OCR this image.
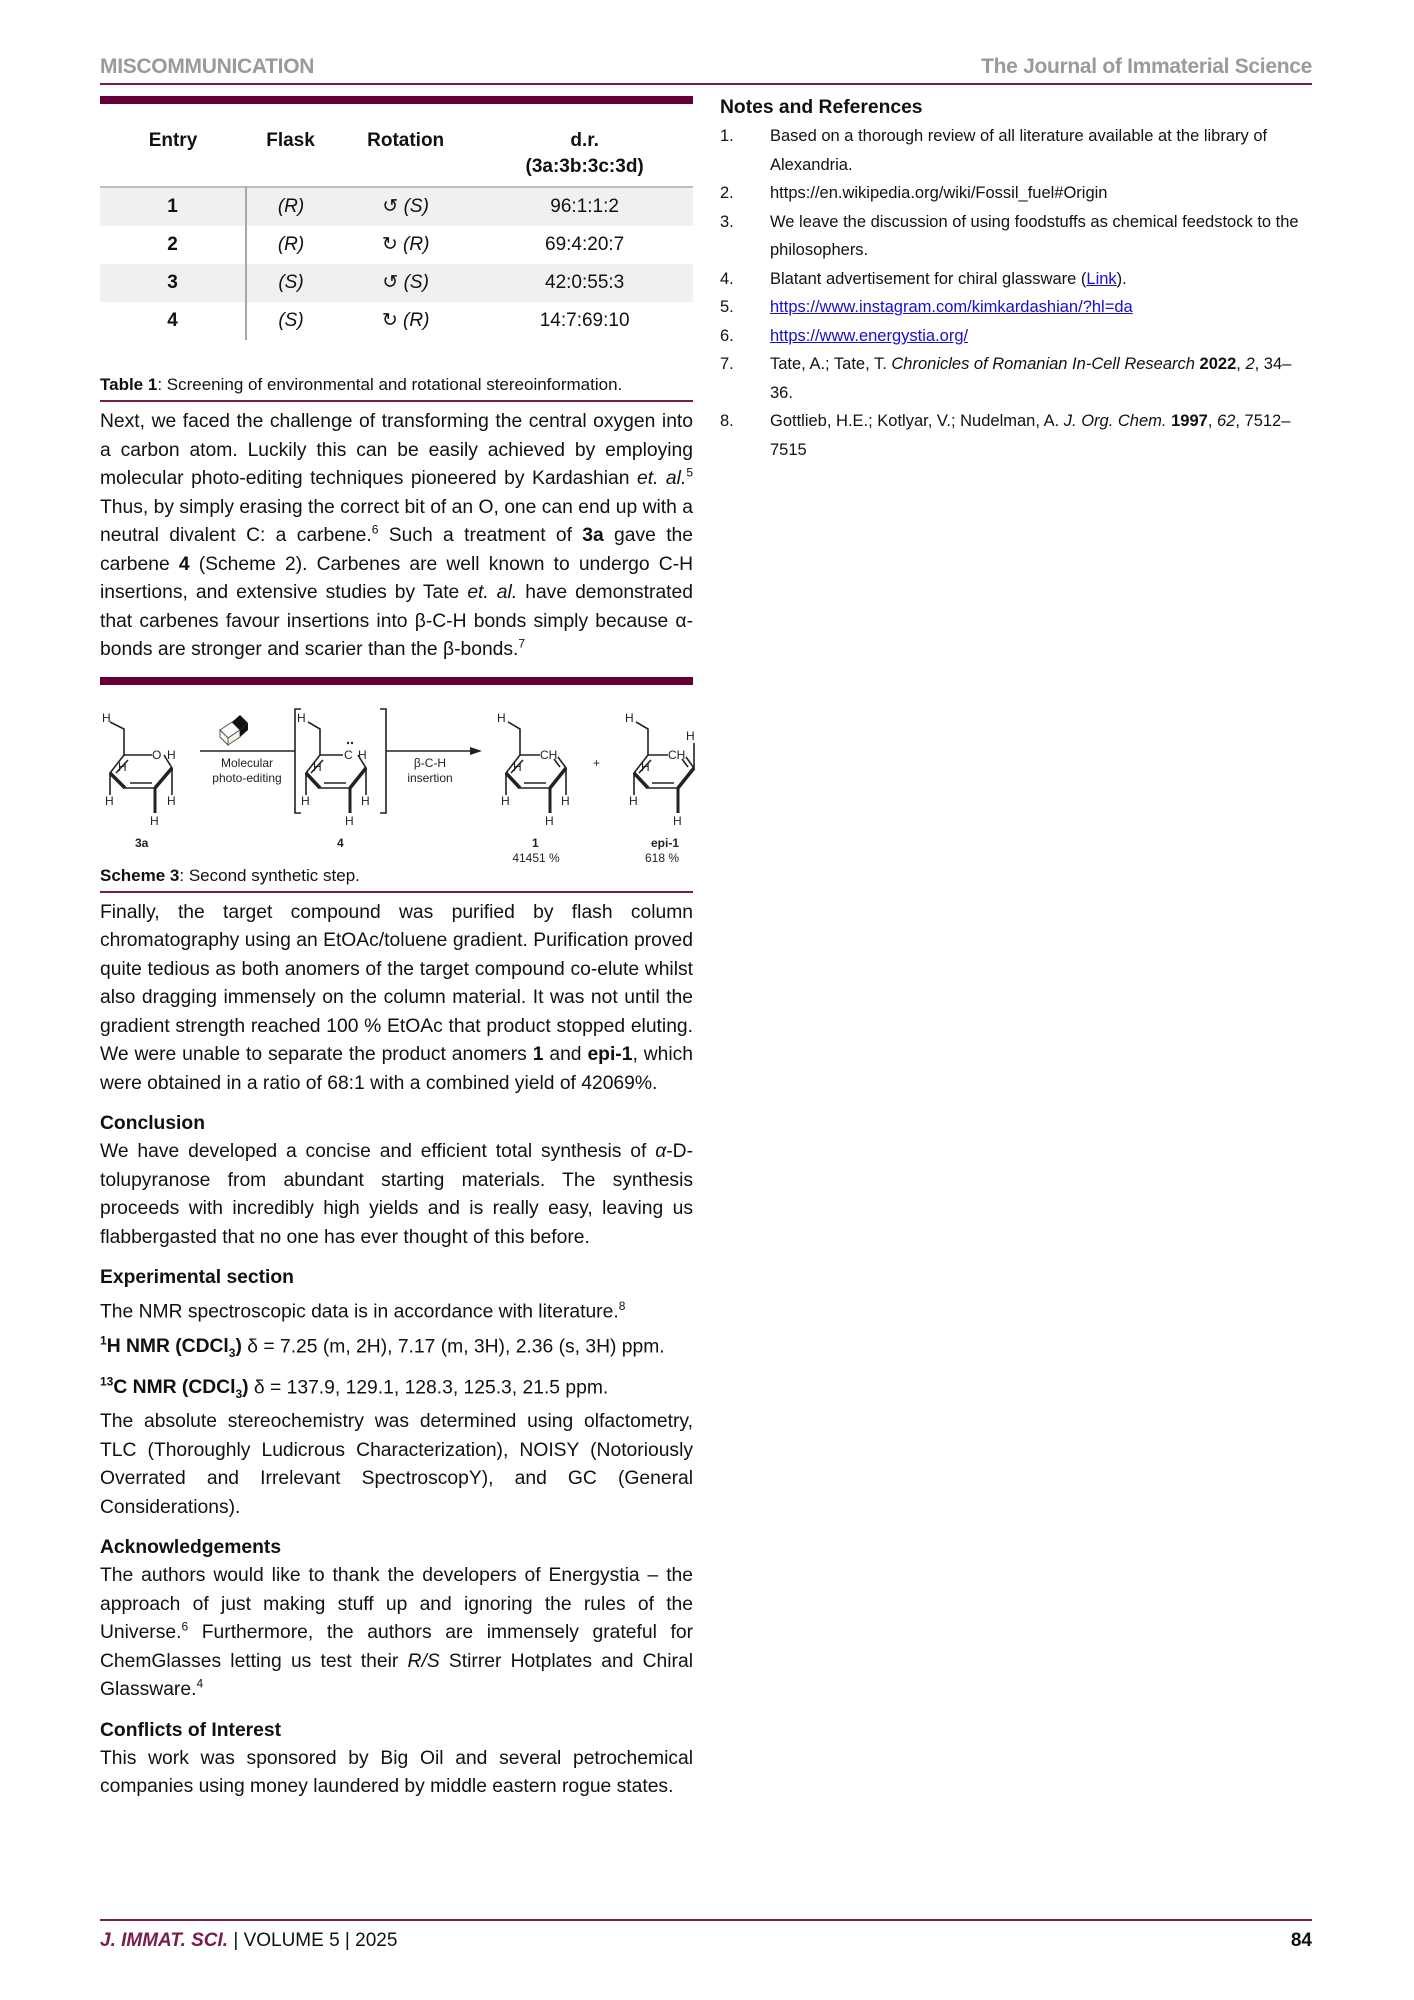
MISCOMMUNICATION	The Journal of Immaterial Science
Entry	Flask	Rotation	d.r.
(3a:3b:3c:3d)

1	(R)	↺ (S)	96:1:1:2
2	(R)	↻ (R)	69:4:20:7
3	(S)	↺ (S)	42:0:55:3
4	(S)	↻ (R)	14:7:69:10
Table 1: Screening of environmental and rotational stereoinformation.

Next, we faced the challenge of transforming the central oxygen into a carbon atom. Luckily this can be easily achieved by employing molecular photo-editing techniques pioneered by Kardashian et. al.$^5$ Thus, by simply erasing the correct bit of an O, one can end up with a neutral divalent C: a carbene.$^6$ Such a treatment of 3a gave the carbene 4 (Scheme 2). Carbenes are well known to undergo C-H insertions, and extensive studies by Tate et. al. have demonstrated that carbenes favour insertions into β-C-H bonds simply because α-bonds are stronger and scarier than the β-bonds.$^7$

H
O H
H
H	H
H
3a
Molecular
photo-editing
H
C H
H
H	H
H
4
β-C-H
insertion
H
CH
H
H	H
H
1
41451 %
+
H
CH
H
H
H
H
epi-1
618 %
Scheme 3: Second synthetic step.

Finally, the target compound was purified by flash column chromatography using an EtOAc/toluene gradient. Purification proved quite tedious as both anomers of the target compound co-elute whilst also dragging immensely on the column material. It was not until the gradient strength reached 100 % EtOAc that product stopped eluting. We were unable to separate the product anomers 1 and epi-1, which were obtained in a ratio of 68:1 with a combined yield of 42069%.

Conclusion

We have developed a concise and efficient total synthesis of α-D-tolupyranose from abundant starting materials. The synthesis proceeds with incredibly high yields and is really easy, leaving us flabbergasted that no one has ever thought of this before.

Experimental section
The NMR spectroscopic data is in accordance with literature.$^8$
$^1$H NMR (CDCl$_3$) δ = 7.25 (m, 2H), 7.17 (m, 3H), 2.36 (s, 3H) ppm.
$^{13}$C NMR (CDCl$_3$) δ = 137.9, 129.1, 128.3, 125.3, 21.5 ppm.

The absolute stereochemistry was determined using olfactometry, TLC (Thoroughly Ludicrous Characterization), NOISY (Notoriously Overrated and Irrelevant SpectroscopY), and GC (General Considerations).

Acknowledgements

The authors would like to thank the developers of Energystia – the approach of just making stuff up and ignoring the rules of the Universe.$^6$ Furthermore, the authors are immensely grateful for ChemGlasses letting us test their R/S Stirrer Hotplates and Chiral Glassware.$^4$

Conflicts of Interest

This work was sponsored by Big Oil and several petrochemical companies using money laundered by middle eastern rogue states.

Notes and References
1.	Based on a thorough review of all literature available at the library of Alexandria.
2.	https://en.wikipedia.org/wiki/Fossil_fuel#Origin
3.	We leave the discussion of using foodstuffs as chemical feedstock to the philosophers.
4.	Blatant advertisement for chiral glassware (Link).
5.	https://www.instagram.com/kimkardashian/?hl=da
6.	https://www.energystia.org/
7.	Tate, A.; Tate, T. Chronicles of Romanian In-Cell Research 2022, 2, 34–36.
8.	Gottlieb, H.E.; Kotlyar, V.; Nudelman, A. J. Org. Chem. 1997, 62, 7512–7515
J. IMMAT. SCI. | VOLUME 5 | 2025	84
